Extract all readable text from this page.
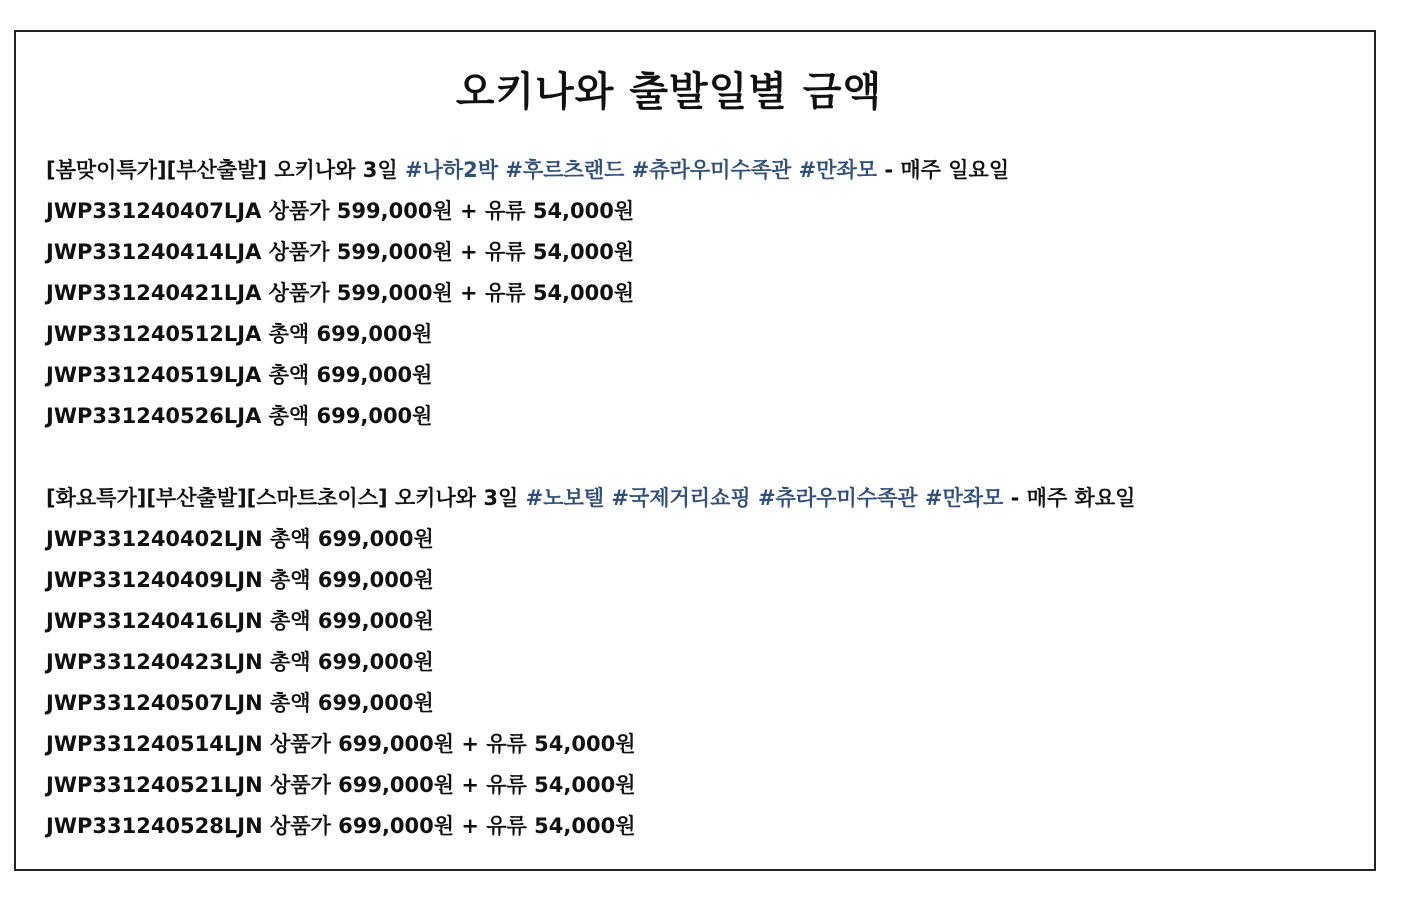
오키나와 출발일별 금액
[봄맞이특가][부산출발] 오키나와 3일 #나하2박 #후르츠랜드 #츄라우미수족관 #만좌모 - 매주 일요일
JWP331240407LJA 상품가 599,000원 + 유류 54,000원
JWP331240414LJA 상품가 599,000원 + 유류 54,000원
JWP331240421LJA 상품가 599,000원 + 유류 54,000원
JWP331240512LJA 총액 699,000원
JWP331240519LJA 총액 699,000원
JWP331240526LJA 총액 699,000원
[화요특가][부산출발][스마트초이스] 오키나와 3일 #노보텔 #국제거리쇼핑 #츄라우미수족관 #만좌모 - 매주 화요일
JWP331240402LJN 총액 699,000원
JWP331240409LJN 총액 699,000원
JWP331240416LJN 총액 699,000원
JWP331240423LJN 총액 699,000원
JWP331240507LJN 총액 699,000원
JWP331240514LJN 상품가 699,000원 + 유류 54,000원
JWP331240521LJN 상품가 699,000원 + 유류 54,000원
JWP331240528LJN 상품가 699,000원 + 유류 54,000원
